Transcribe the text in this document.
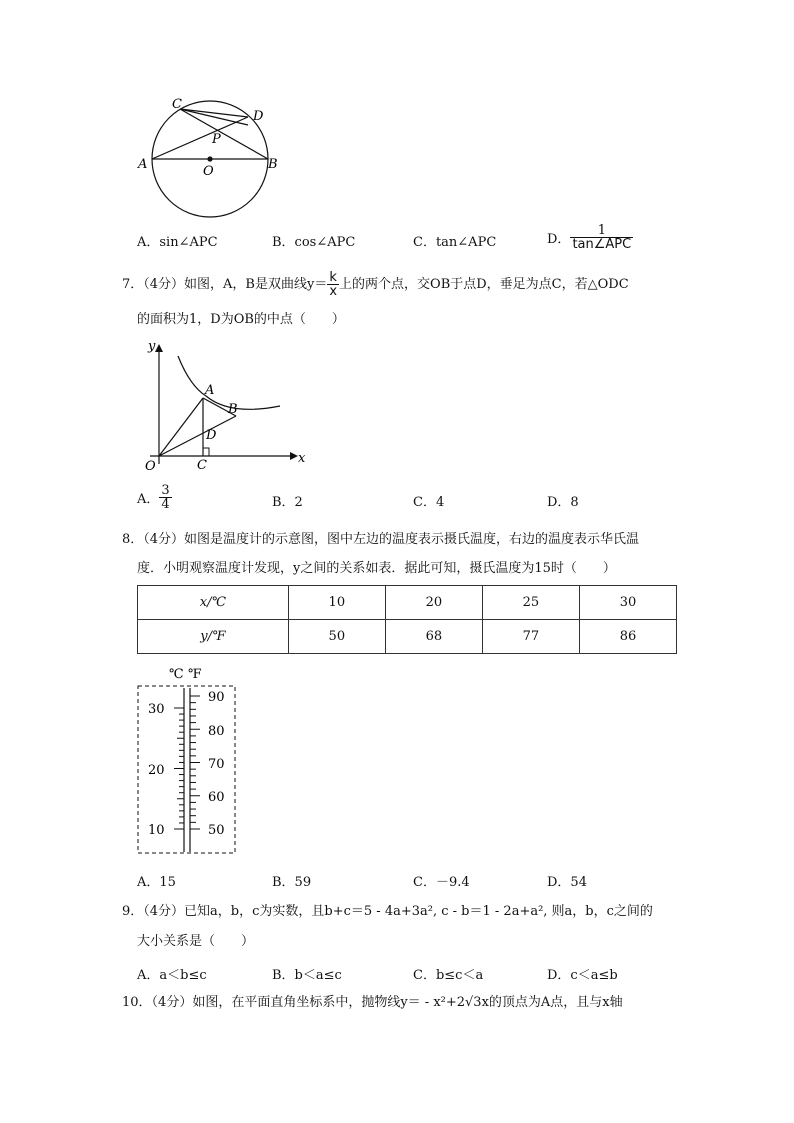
C
D
P
A	O	B
A．sin∠APC	B．cos∠APC	C．tan∠APC	D． $\frac{1}{\text{tan∠APC}}$
7．（4分）如图，A，B是双曲线$y= \frac{k}{x}$ 上的两个点，交OB于点D，垂足为点C，若△ODC
的面积为1，D为OB的中点（　　）
y
x
O
A
B
C
D
A． $\frac{3}{4}$	B．2	C．4	D．8
8．（4分）如图是温度计的示意图，图中左边的温度表示摄氏温度，右边的温度表示华氏温
度．小明观察温度计发现，y之间的关系如表．据此可知，摄氏温度为15时（　　）
x/℃	10	20	25	30
y/℉	50	68	77	86
℃ ℉
30
20
10
90
80
70
60
50
A．15	B．59	C．－9.4	D．54
9．（4分）已知a，b，c为实数，且b+c＝5 - 4a+3a², c - b＝1 - 2a+a², 则a，b，c之间的
大小关系是（　　）
A．a＜b≤c	B．b＜a≤c	C．b≤c＜a	D．c＜a≤b
10．（4分）如图，在平面直角坐标系中，抛物线y＝ - x²+2√3x的顶点为A点，且与x轴
